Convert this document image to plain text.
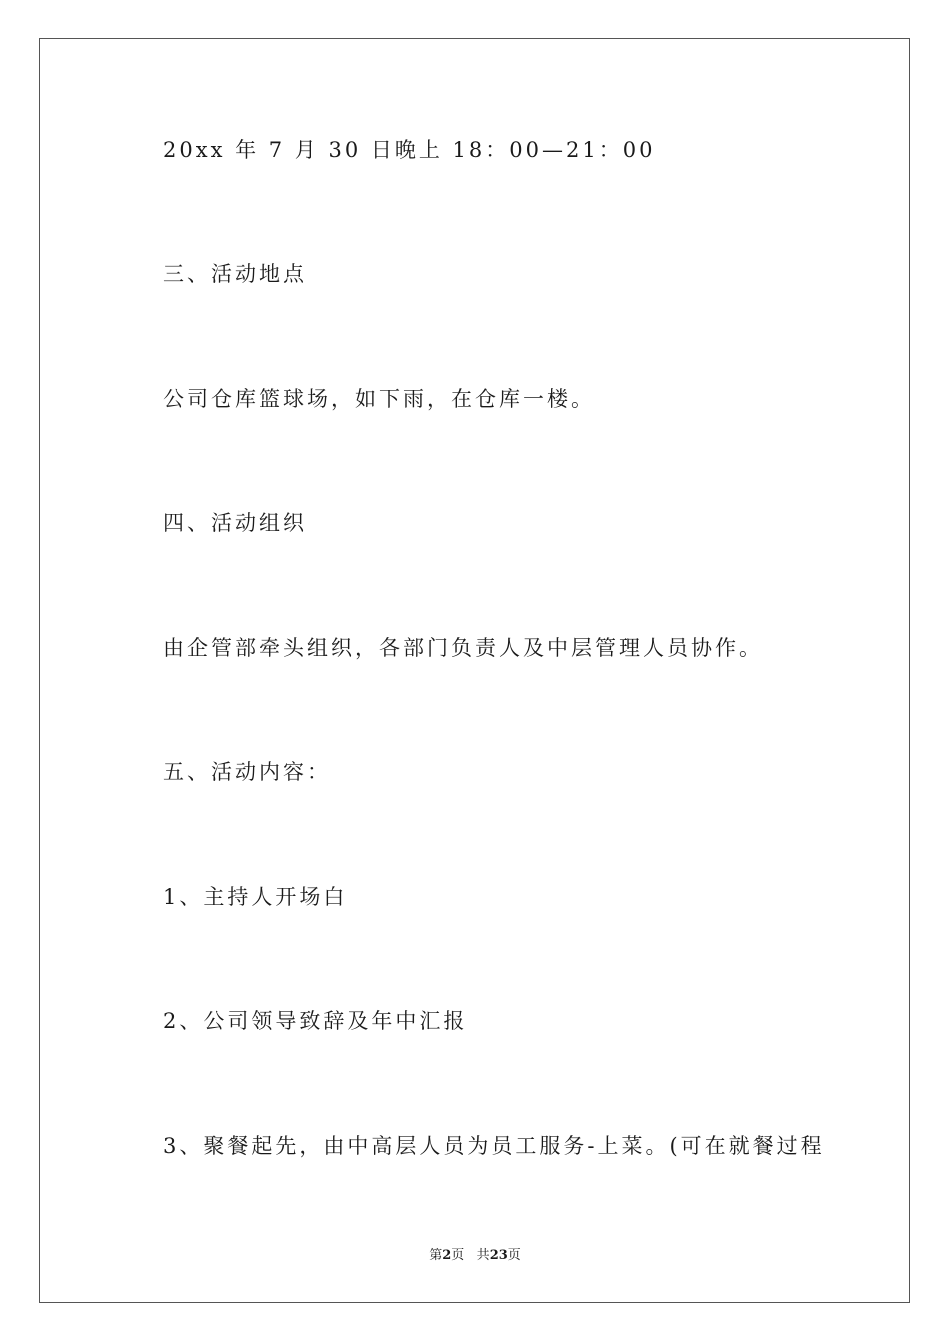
20xx 年 7 月 30 日晚上 18：00—21：00
三、活动地点
公司仓库篮球场，如下雨，在仓库一楼。
四、活动组织
由企管部牵头组织，各部门负责人及中层管理人员协作。
五、活动内容：
1、主持人开场白
2、公司领导致辞及年中汇报
3、聚餐起先，由中高层人员为员工服务-上菜。(可在就餐过程
第2页 共23页
